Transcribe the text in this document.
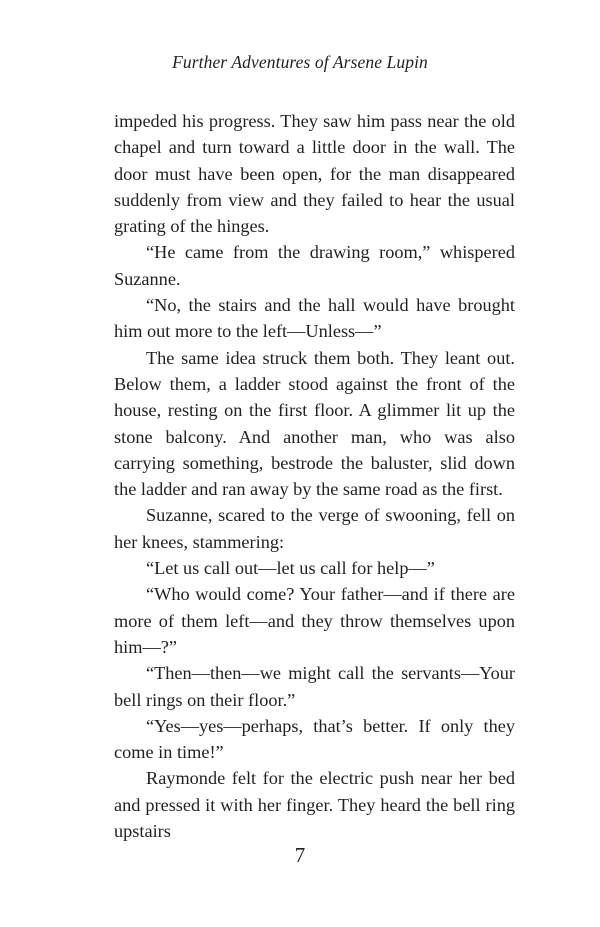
Further Adventures of Arsene Lupin

impeded his progress. They saw him pass near the old chapel and turn toward a little door in the wall. The door must have been open, for the man disappeared suddenly from view and they failed to hear the usual grating of the hinges.

“He came from the drawing room,” whispered Suzanne.

“No, the stairs and the hall would have brought him out more to the left—Unless—”

The same idea struck them both. They leant out. Below them, a ladder stood against the front of the house, resting on the first floor. A glimmer lit up the stone balcony. And another man, who was also carrying something, bestrode the baluster, slid down the ladder and ran away by the same road as the first.

Suzanne, scared to the verge of swooning, fell on her knees, stammering:

“Let us call out—let us call for help—”

“Who would come? Your father—and if there are more of them left—and they throw themselves upon him—?”

“Then—then—we might call the servants—Your bell rings on their floor.”

“Yes—yes—perhaps, that’s better. If only they come in time!”

Raymonde felt for the electric push near her bed and pressed it with her finger. They heard the bell ring upstairs

7
